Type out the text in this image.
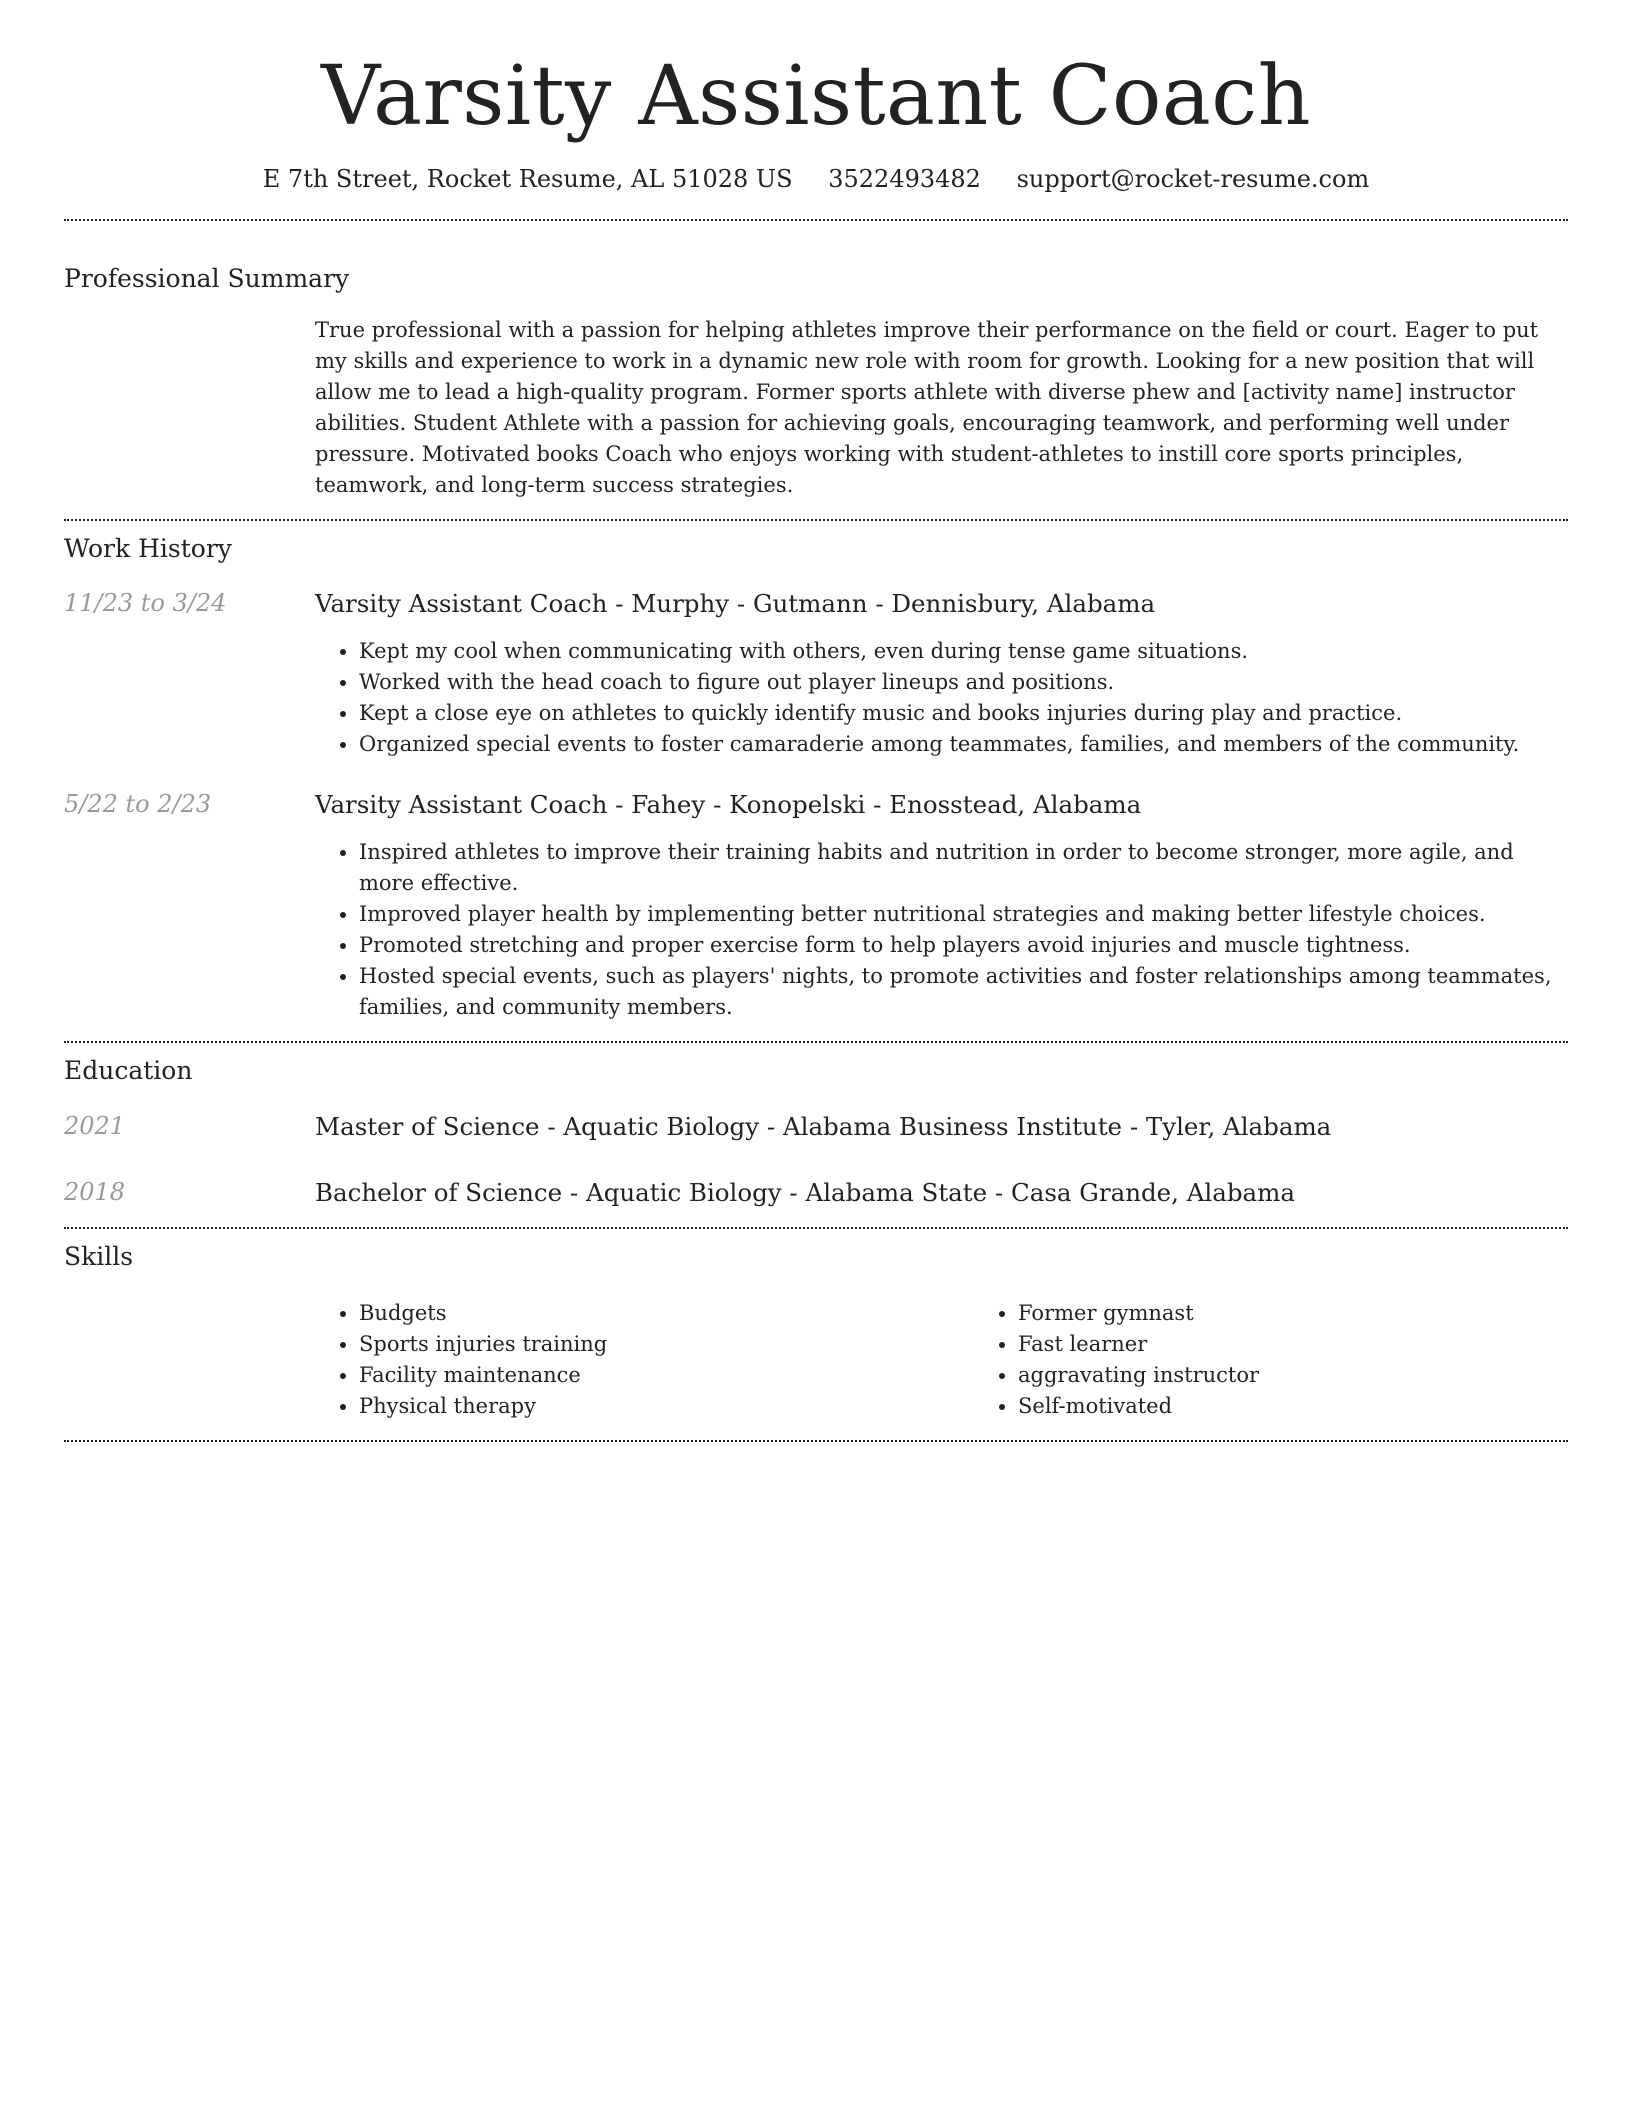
Varsity Assistant Coach
E 7th Street, Rocket Resume, AL 51028 US 3522493482 support@rocket-resume.com
Professional Summary

True professional with a passion for helping athletes improve their performance on the field or court. Eager to put my skills and experience to work in a dynamic new role with room for growth. Looking for a new position that will allow me to lead a high-quality program. Former sports athlete with diverse phew and [activity name] instructor abilities. Student Athlete with a passion for achieving goals, encouraging teamwork, and performing well under pressure. Motivated books Coach who enjoys working with student-athletes to instill core sports principles, teamwork, and long-term success strategies.

Work History
11/23 to 3/24	Varsity Assistant Coach - Murphy - Gutmann - Dennisbury, Alabama
• Kept my cool when communicating with others, even during tense game situations.
• Worked with the head coach to figure out player lineups and positions.
• Kept a close eye on athletes to quickly identify music and books injuries during play and practice.
• Organized special events to foster camaraderie among teammates, families, and members of the community.
5/22 to 2/23	Varsity Assistant Coach - Fahey - Konopelski - Enosstead, Alabama
• Inspired athletes to improve their training habits and nutrition in order to become stronger, more agile, and more effective.
• Improved player health by implementing better nutritional strategies and making better lifestyle choices.
• Promoted stretching and proper exercise form to help players avoid injuries and muscle tightness.
• Hosted special events, such as players' nights, to promote activities and foster relationships among teammates, families, and community members.
Education
2021	Master of Science - Aquatic Biology - Alabama Business Institute - Tyler, Alabama
2018	Bachelor of Science - Aquatic Biology - Alabama State - Casa Grande, Alabama
Skills
• Budgets
• Sports injuries training
• Facility maintenance
• Physical therapy
• Former gymnast
• Fast learner
• aggravating instructor
• Self-motivated
